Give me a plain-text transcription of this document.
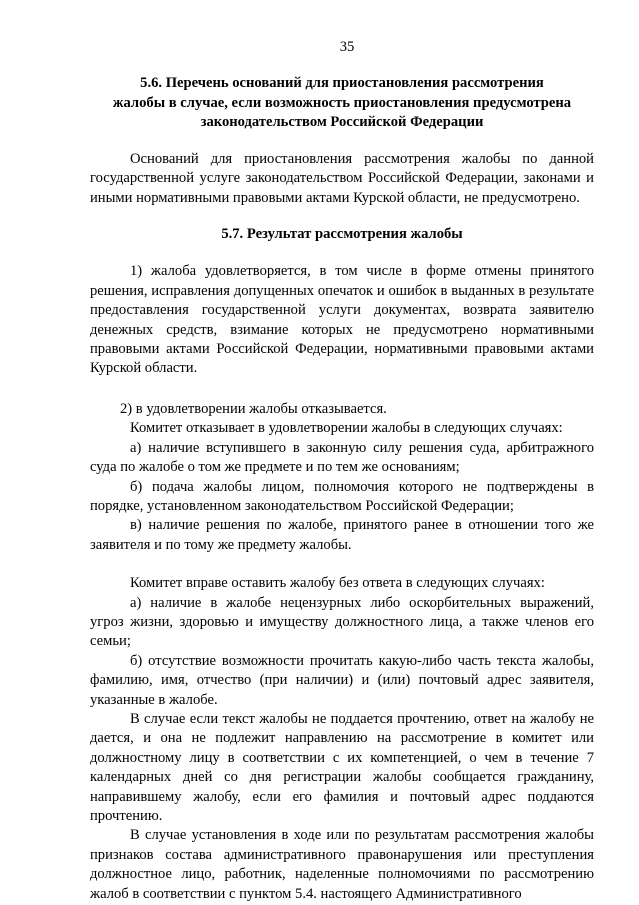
35
5.6. Перечень оснований для приостановления рассмотрения
жалобы в случае, если возможность приостановления предусмотрена
законодательством Российской Федерации

Оснований для приостановления рассмотрения жалобы по данной государственной услуге законодательством Российской Федерации, законами и иными нормативными правовыми актами Курской области, не предусмотрено.

5.7. Результат рассмотрения жалобы

1) жалоба удовлетворяется, в том числе в форме отмены принятого решения, исправления допущенных опечаток и ошибок в выданных в результате предоставления государственной услуги документах, возврата заявителю денежных средств, взимание которых не предусмотрено нормативными правовыми актами Российской Федерации, нормативными правовыми актами Курской области.

2) в удовлетворении жалобы отказывается.

Комитет отказывает в удовлетворении жалобы в следующих случаях:

а) наличие вступившего в законную силу решения суда, арбитражного суда по жалобе о том же предмете и по тем же основаниям;

б) подача жалобы лицом, полномочия которого не подтверждены в порядке, установленном законодательством Российской Федерации;

в) наличие решения по жалобе, принятого ранее в отношении того же заявителя и по тому же предмету жалобы.

Комитет вправе оставить жалобу без ответа в следующих случаях:

а) наличие в жалобе нецензурных либо оскорбительных выражений, угроз жизни, здоровью и имуществу должностного лица, а также членов его семьи;

б) отсутствие возможности прочитать какую-либо часть текста жалобы, фамилию, имя, отчество (при наличии) и (или) почтовый адрес заявителя, указанные в жалобе.

В случае если текст жалобы не поддается прочтению, ответ на жалобу не дается, и она не подлежит направлению на рассмотрение в комитет или должностному лицу в соответствии с их компетенцией, о чем в течение 7 календарных дней со дня регистрации жалобы сообщается гражданину, направившему жалобу, если его фамилия и почтовый адрес поддаются прочтению.

В случае установления в ходе или по результатам рассмотрения жалобы признаков состава административного правонарушения или преступления должностное лицо, работник, наделенные полномочиями по рассмотрению жалоб в соответствии с пунктом 5.4. настоящего Административного
